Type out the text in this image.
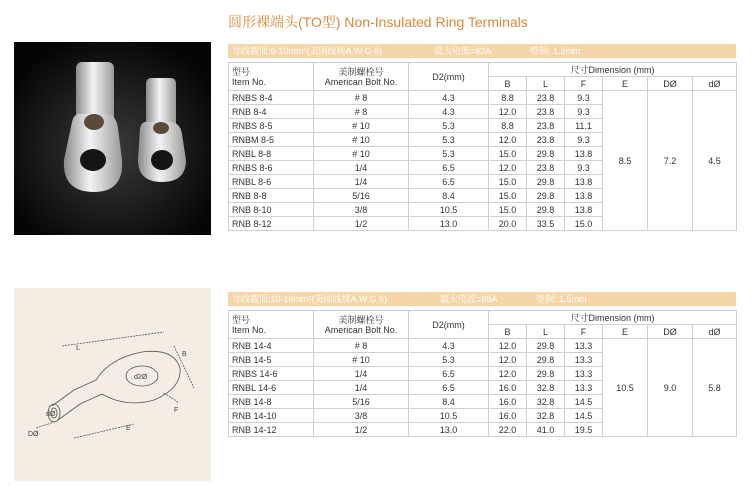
圆形裸端头(TO型) Non-Insulated Ring Terminals
L
B
d2Ø
F
dØ
DØ
E
导线截面:6-10mm²(美国线规A.W.G 8)	最大电流=62A	壁铜: 1.2mm
型号
Item No.	美制螺栓号
American Bolt No.	D2(mm)	尺寸Dimension (mm)					
			B	L	F	E	DØ	dØ
RNBS 8-4	# 8	4.3	8.8	23.8	9.3	8.5	7.2	4.5
RNB 8-4	# 8	4.3	12.0	23.8	9.3			
RNBS 8-5	# 10	5.3	8.8	23.8	11.1			
RNBM 8-5	# 10	5.3	12.0	23.8	9.3			
RNBL 8-8	# 10	5.3	15.0	29.8	13.8			
RNBS 8-6	1/4	6.5	12.0	23.8	9.3			
RNBL 8-6	1/4	6.5	15.0	29.8	13.8			
RNB 8-8	5/16	8.4	15.0	29.8	13.8			
RNB 8-10	3/8	10.5	15.0	29.8	13.8			
RNB 8-12	1/2	13.0	20.0	33.5	15.0			
导线截面:10-16mm²(美国线规A.W.G 6)	最大电流=88A	壁铜: 1.5mm
型号
Item No.	美制螺栓号
American Bolt No.	D2(mm)	尺寸Dimension (mm)					
			B	L	F	E	DØ	dØ
RNB 14-4	# 8	4.3	12.0	29.8	13.3	10.5	9.0	5.8
RNB 14-5	# 10	5.3	12.0	29.8	13.3			
RNBS 14-6	1/4	6.5	12.0	29.8	13.3			
RNBL 14-6	1/4	6.5	16.0	32.8	13.3			
RNB 14-8	5/16	8.4	16.0	32.8	14.5			
RNB 14-10	3/8	10.5	16.0	32.8	14.5			
RNB 14-12	1/2	13.0	22.0	41.0	19.5			
